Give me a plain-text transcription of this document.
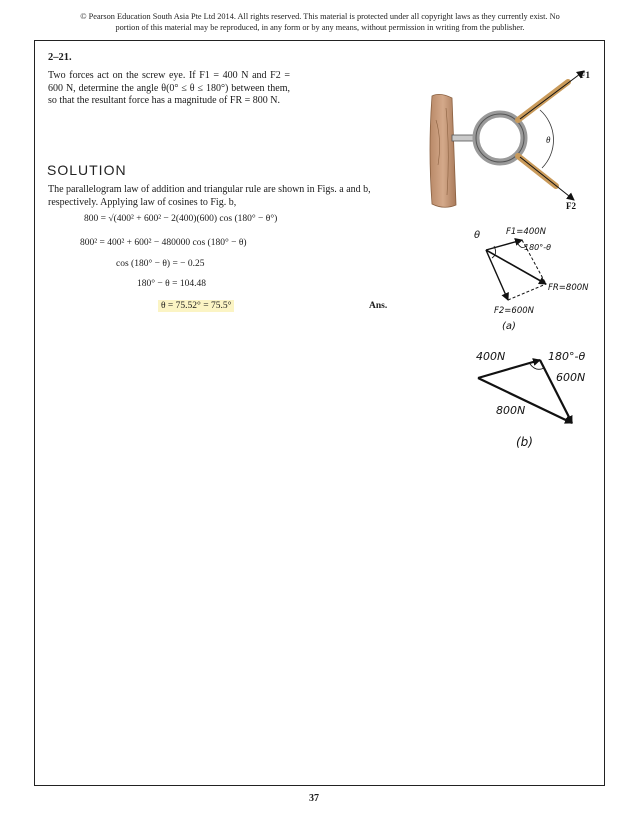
© Pearson Education South Asia Pte Ltd 2014. All rights reserved. This material is protected under all copyright laws as they currently exist. No portion of this material may be reproduced, in any form or by any means, without permission in writing from the publisher.
2–21.
Two forces act on the screw eye. If F1 = 400 N and F2 = 600 N, determine the angle θ(0° ≤ θ ≤ 180°) between them, so that the resultant force has a magnitude of FR = 800 N.
SOLUTION
The parallelogram law of addition and triangular rule are shown in Figs. a and b, respectively. Applying law of cosines to Fig. b,
800 = √(400² + 600² − 2(400)(600) cos (180° − θ°)
800² = 400² + 600² − 480000 cos (180° − θ)
cos (180° − θ) = − 0.25
180° − θ = 104.48
θ = 75.52° = 75.5°	Ans.
F1
F2
θ
θ	F1=400N
180°-θ
FR=800N
F2=600N
(a)
400N	180°-θ
600N
800N
(b)
37
